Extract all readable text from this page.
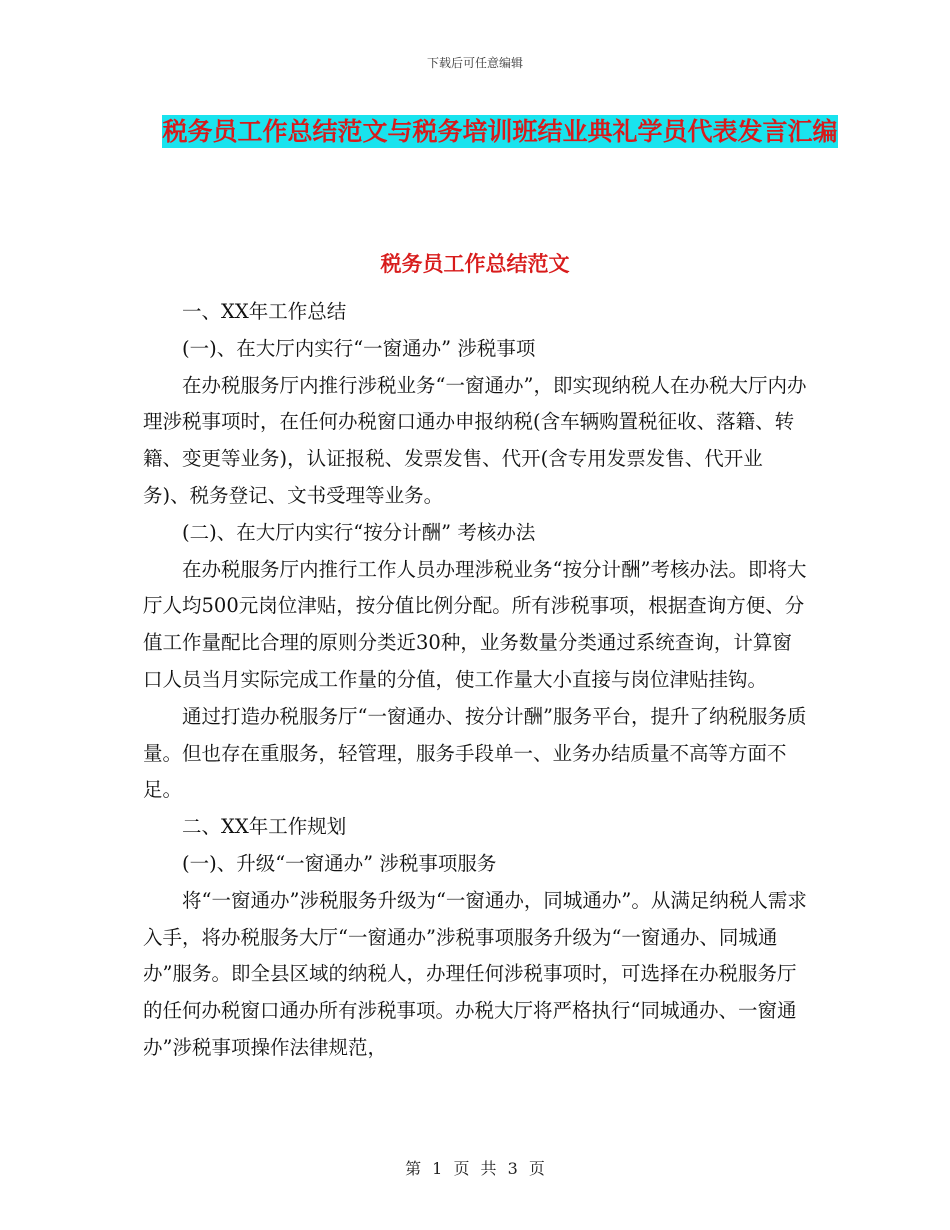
下载后可任意编辑
税务员工作总结范文与税务培训班结业典礼学员代表发言汇编
税务员工作总结范文

一、XX年工作总结

(一)、在大厅内实行“一窗通办” 涉税事项

在办税服务厅内推行涉税业务“一窗通办”，即实现纳税人在办税大厅内办理涉税事项时，在任何办税窗口通办申报纳税(含车辆购置税征收、落籍、转籍、变更等业务)，认证报税、发票发售、代开(含专用发票发售、代开业务)、税务登记、文书受理等业务。

(二)、在大厅内实行“按分计酬” 考核办法

在办税服务厅内推行工作人员办理涉税业务“按分计酬”考核办法。即将大厅人均500元岗位津贴，按分值比例分配。所有涉税事项，根据查询方便、分值工作量配比合理的原则分类近30种，业务数量分类通过系统查询，计算窗口人员当月实际完成工作量的分值，使工作量大小直接与岗位津贴挂钩。

通过打造办税服务厅“一窗通办、按分计酬”服务平台，提升了纳税服务质量。但也存在重服务，轻管理，服务手段单一、业务办结质量不高等方面不足。

二、XX年工作规划

(一)、升级“一窗通办” 涉税事项服务

将“一窗通办”涉税服务升级为“一窗通办，同城通办”。从满足纳税人需求入手，将办税服务大厅“一窗通办”涉税事项服务升级为“一窗通办、同城通办”服务。即全县区域的纳税人，办理任何涉税事项时，可选择在办税服务厅的任何办税窗口通办所有涉税事项。办税大厅将严格执行“同城通办、一窗通办”涉税事项操作法律规范，

第 1 页 共 3 页
